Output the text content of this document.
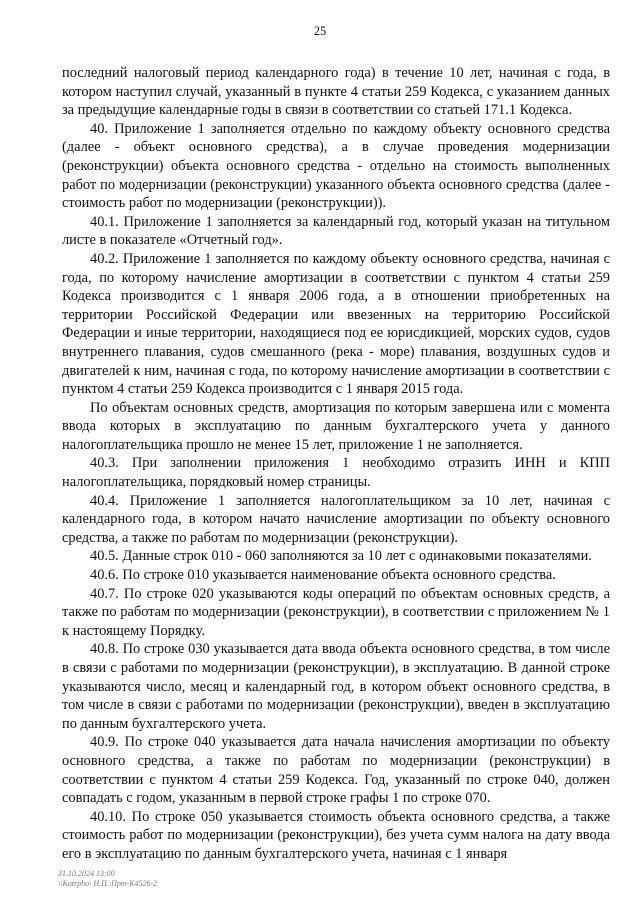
25

последний налоговый период календарного года) в течение 10 лет, начиная с года, в котором наступил случай, указанный в пункте 4 статьи 259 Кодекса, с указанием данных за предыдущие календарные годы в связи в соответствии со статьей 171.1 Кодекса.

40. Приложение 1 заполняется отдельно по каждому объекту основного средства (далее - объект основного средства), а в случае проведения модернизации (реконструкции) объекта основного средства - отдельно на стоимость выполненных работ по модернизации (реконструкции) указанного объекта основного средства (далее - стоимость работ по модернизации (реконструкции)).

40.1. Приложение 1 заполняется за календарный год, который указан на титульном листе в показателе «Отчетный год».

40.2. Приложение 1 заполняется по каждому объекту основного средства, начиная с года, по которому начисление амортизации в соответствии с пунктом 4 статьи 259 Кодекса производится с 1 января 2006 года, а в отношении приобретенных на территории Российской Федерации или ввезенных на территорию Российской Федерации и иные территории, находящиеся под ее юрисдикцией, морских судов, судов внутреннего плавания, судов смешанного (река - море) плавания, воздушных судов и двигателей к ним, начиная с года, по которому начисление амортизации в соответствии с пунктом 4 статьи 259 Кодекса производится с 1 января 2015 года.

По объектам основных средств, амортизация по которым завершена или с момента ввода которых в эксплуатацию по данным бухгалтерского учета у данного налогоплательщика прошло не менее 15 лет, приложение 1 не заполняется.

40.3. При заполнении приложения 1 необходимо отразить ИНН и КПП налогоплательщика, порядковый номер страницы.

40.4. Приложение 1 заполняется налогоплательщиком за 10 лет, начиная с календарного года, в котором начато начисление амортизации по объекту основного средства, а также по работам по модернизации (реконструкции).

40.5. Данные строк 010 - 060 заполняются за 10 лет с одинаковыми показателями.

40.6. По строке 010 указывается наименование объекта основного средства.

40.7. По строке 020 указываются коды операций по объектам основных средств, а также по работам по модернизации (реконструкции), в соответствии с приложением № 1 к настоящему Порядку.

40.8. По строке 030 указывается дата ввода объекта основного средства, в том числе в связи с работами по модернизации (реконструкции), в эксплуатацию. В данной строке указываются число, месяц и календарный год, в котором объект основного средства, в том числе в связи с работами по модернизации (реконструкции), введен в эксплуатацию по данным бухгалтерского учета.

40.9. По строке 040 указывается дата начала начисления амортизации по объекту основного средства, а также по работам по модернизации (реконструкции) в соответствии с пунктом 4 статьи 259 Кодекса. Год, указанный по строке 040, должен совпадать с годом, указанным в первой строке графы 1 по строке 070.

40.10. По строке 050 указывается стоимость объекта основного средства, а также стоимость работ по модернизации (реконструкции), без учета сумм налога на дату ввода его в эксплуатацию по данным бухгалтерского учета, начиная с 1 января

31.10.2024 13:00
\\Kotrpho\ Н.П.\Прю-К4526-2
